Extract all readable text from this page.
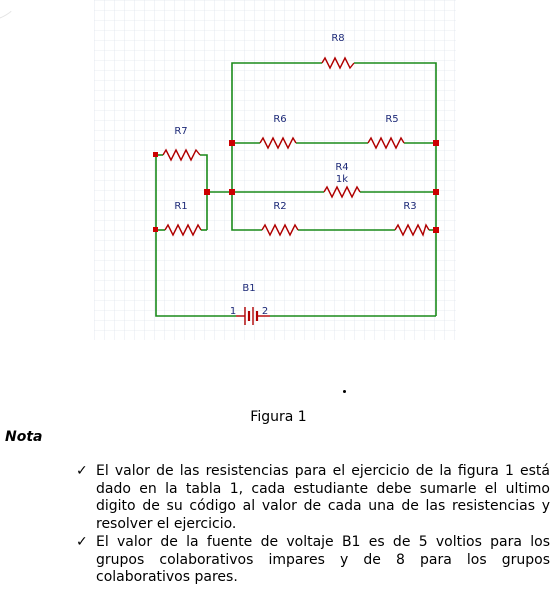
R8
R7
R6	R5
R4
1k
R1	R2	R3
B1
1	2
Figura 1
Nota
✓ El valor de las resistencias para el ejercicio de la figura 1 está dado en la tabla 1, cada estudiante debe sumarle el ultimo digito de su código al valor de cada una de las resistencias y resolver el ejercicio.
✓ El valor de la fuente de voltaje B1 es de 5 voltios para los grupos colaborativos impares y de 8 para los grupos colaborativos pares.
